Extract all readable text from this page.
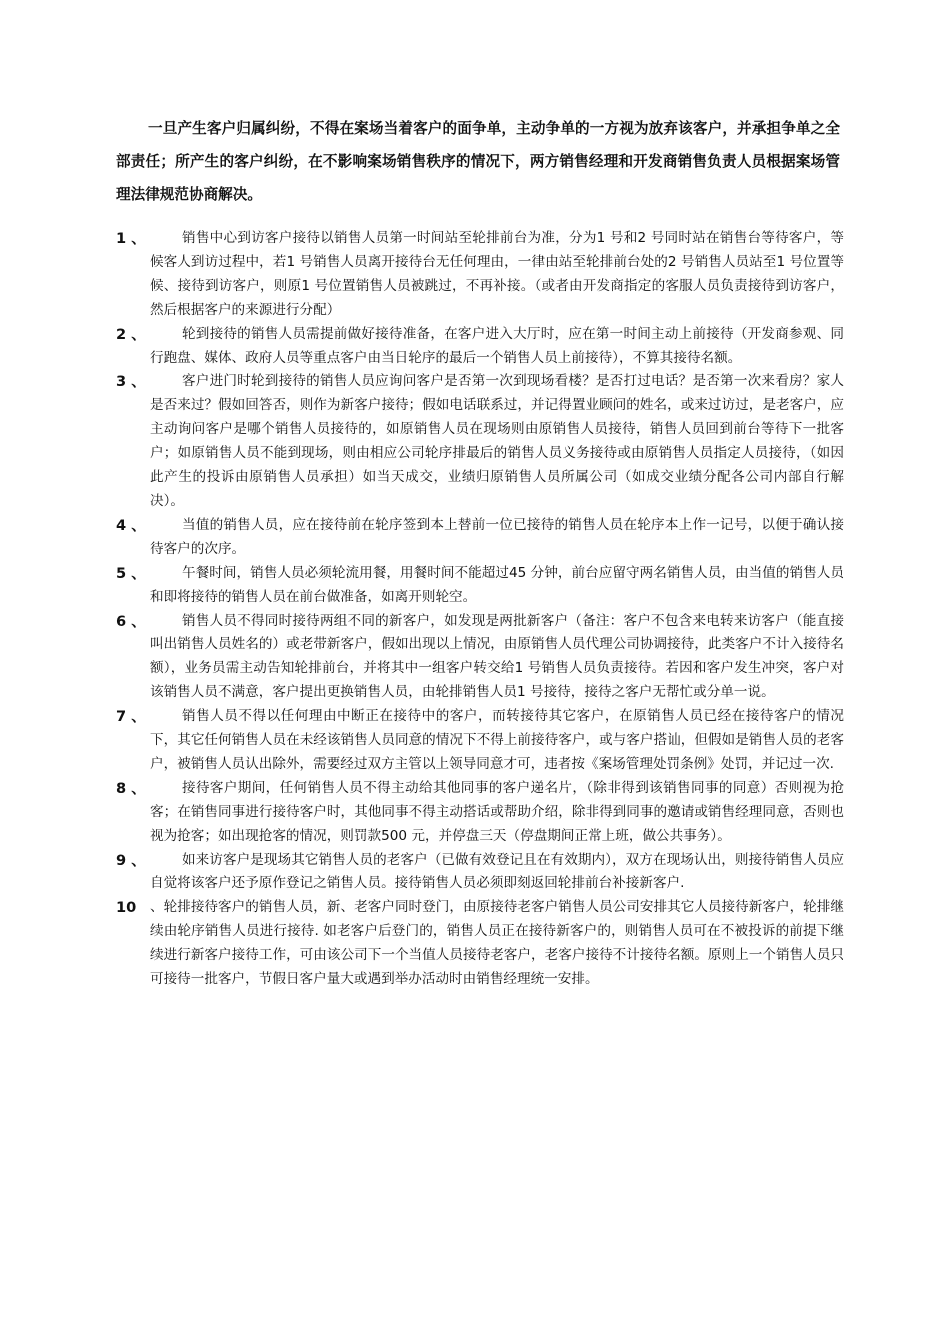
一旦产生客户归属纠纷，不得在案场当着客户的面争单，主动争单的一方视为放弃该客户，并承担争单之全部责任；所产生的客户纠纷，在不影响案场销售秩序的情况下，两方销售经理和开发商销售负责人员根据案场管理法律规范协商解决。

1 、	销售中心到访客户接待以销售人员第一时间站至轮排前台为准，分为1 号和2 号同时站在销售台等待客户，等候客人到访过程中，若1 号销售人员离开接待台无任何理由，一律由站至轮排前台处的2 号销售人员站至1 号位置等候、接待到访客户，则原1 号位置销售人员被跳过，不再补接。（或者由开发商指定的客服人员负责接待到访客户，然后根据客户的来源进行分配）
2 、	轮到接待的销售人员需提前做好接待准备，在客户进入大厅时，应在第一时间主动上前接待（开发商参观、同行跑盘、媒体、政府人员等重点客户由当日轮序的最后一个销售人员上前接待），不算其接待名额。
3 、	客户进门时轮到接待的销售人员应询问客户是否第一次到现场看楼？是否打过电话？是否第一次来看房？家人是否来过？假如回答否，则作为新客户接待；假如电话联系过，并记得置业顾问的姓名，或来过访过，是老客户，应主动询问客户是哪个销售人员接待的，如原销售人员在现场则由原销售人员接待，销售人员回到前台等待下一批客户；如原销售人员不能到现场，则由相应公司轮序排最后的销售人员义务接待或由原销售人员指定人员接待，（如因此产生的投诉由原销售人员承担）如当天成交，业绩归原销售人员所属公司（如成交业绩分配各公司内部自行解决）。
4 、	当值的销售人员，应在接待前在轮序签到本上替前一位已接待的销售人员在轮序本上作一记号，以便于确认接待客户的次序。
5 、	午餐时间，销售人员必须轮流用餐，用餐时间不能超过45 分钟，前台应留守两名销售人员，由当值的销售人员和即将接待的销售人员在前台做准备，如离开则轮空。
6 、	销售人员不得同时接待两组不同的新客户，如发现是两批新客户（备注：客户不包含来电转来访客户（能直接叫出销售人员姓名的）或老带新客户，假如出现以上情况，由原销售人员代理公司协调接待，此类客户不计入接待名额），业务员需主动告知轮排前台，并将其中一组客户转交给1 号销售人员负责接待。若因和客户发生冲突，客户对该销售人员不满意，客户提出更换销售人员，由轮排销售人员1 号接待，接待之客户无帮忙或分单一说。
7 、	销售人员不得以任何理由中断正在接待中的客户，而转接待其它客户，在原销售人员已经在接待客户的情况下，其它任何销售人员在未经该销售人员同意的情况下不得上前接待客户，或与客户搭讪，但假如是销售人员的老客户，被销售人员认出除外，需要经过双方主管以上领导同意才可，违者按《案场管理处罚条例》处罚，并记过一次.
8 、	接待客户期间，任何销售人员不得主动给其他同事的客户递名片，（除非得到该销售同事的同意）否则视为抢客；在销售同事进行接待客户时，其他同事不得主动搭话或帮助介绍，除非得到同事的邀请或销售经理同意，否则也视为抢客；如出现抢客的情况，则罚款500 元，并停盘三天（停盘期间正常上班，做公共事务）。
9 、	如来访客户是现场其它销售人员的老客户（已做有效登记且在有效期内），双方在现场认出，则接待销售人员应自觉将该客户还予原作登记之销售人员。接待销售人员必须即刻返回轮排前台补接新客户.
10	、轮排接待客户的销售人员，新、老客户同时登门，由原接待老客户销售人员公司安排其它人员接待新客户，轮排继续由轮序销售人员进行接待. 如老客户后登门的，销售人员正在接待新客户的，则销售人员可在不被投诉的前提下继续进行新客户接待工作，可由该公司下一个当值人员接待老客户，老客户接待不计接待名额。原则上一个销售人员只可接待一批客户，节假日客户量大或遇到举办活动时由销售经理统一安排。
